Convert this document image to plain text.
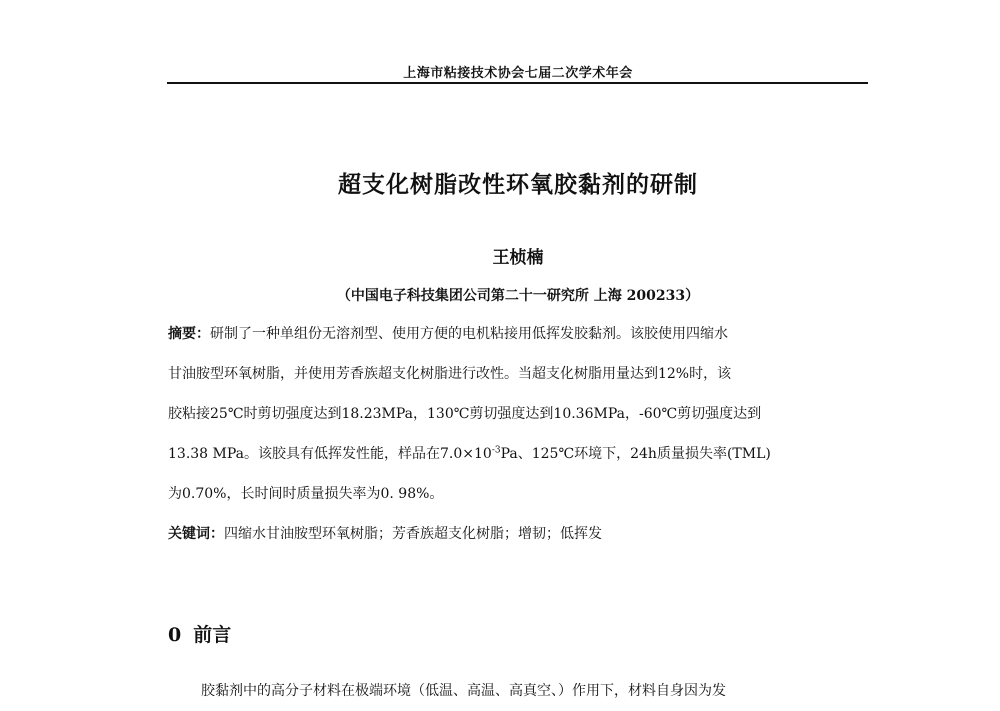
上海市粘接技术协会七届二次学术年会
超支化树脂改性环氧胶黏剂的研制
王桢楠
（中国电子科技集团公司第二十一研究所 上海 200233）
摘要：研制了一种单组份无溶剂型、使用方便的电机粘接用低挥发胶黏剂。该胶使用四缩水
甘油胺型环氧树脂，并使用芳香族超支化树脂进行改性。当超支化树脂用量达到12%时，该
胶粘接25℃时剪切强度达到18.23MPa，130℃剪切强度达到10.36MPa，-60℃剪切强度达到
13.38 MPa。该胶具有低挥发性能，样品在$7.0\times 10^{-3}Pa$、125℃环境下，24h质量损失率(TML)
为0.70%，长时间时质量损失率为0. 98%。
关键词：四缩水甘油胺型环氧树脂；芳香族超支化树脂；增韧；低挥发
0 前言
胶黏剂中的高分子材料在极端环境（低温、高温、高真空、）作用下，材料自身因为发
